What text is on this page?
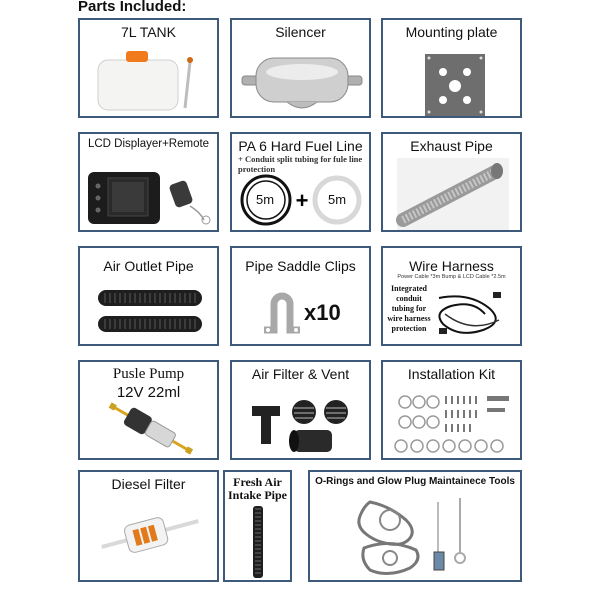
Parts Included:
7L TANK	Silencer	Mounting plate
LCD Displayer+Remote	PA 6 Hard Fuel Line
+ Conduit split tubing for fule line protection
+
5m	5m
Exhaust Pipe
Air Outlet Pipe	Pipe Saddle Clips
x10
Wire Harness
Power Cable *3m Bump & LCD Cable *2.5m
Integrated conduit tubing for wire harness protection
Pusle Pump
12V 22ml
Air Filter & Vent	Installation Kit
Diesel Filter	Fresh Air Intake Pipe
O-Rings and Glow Plug Maintainece Tools
